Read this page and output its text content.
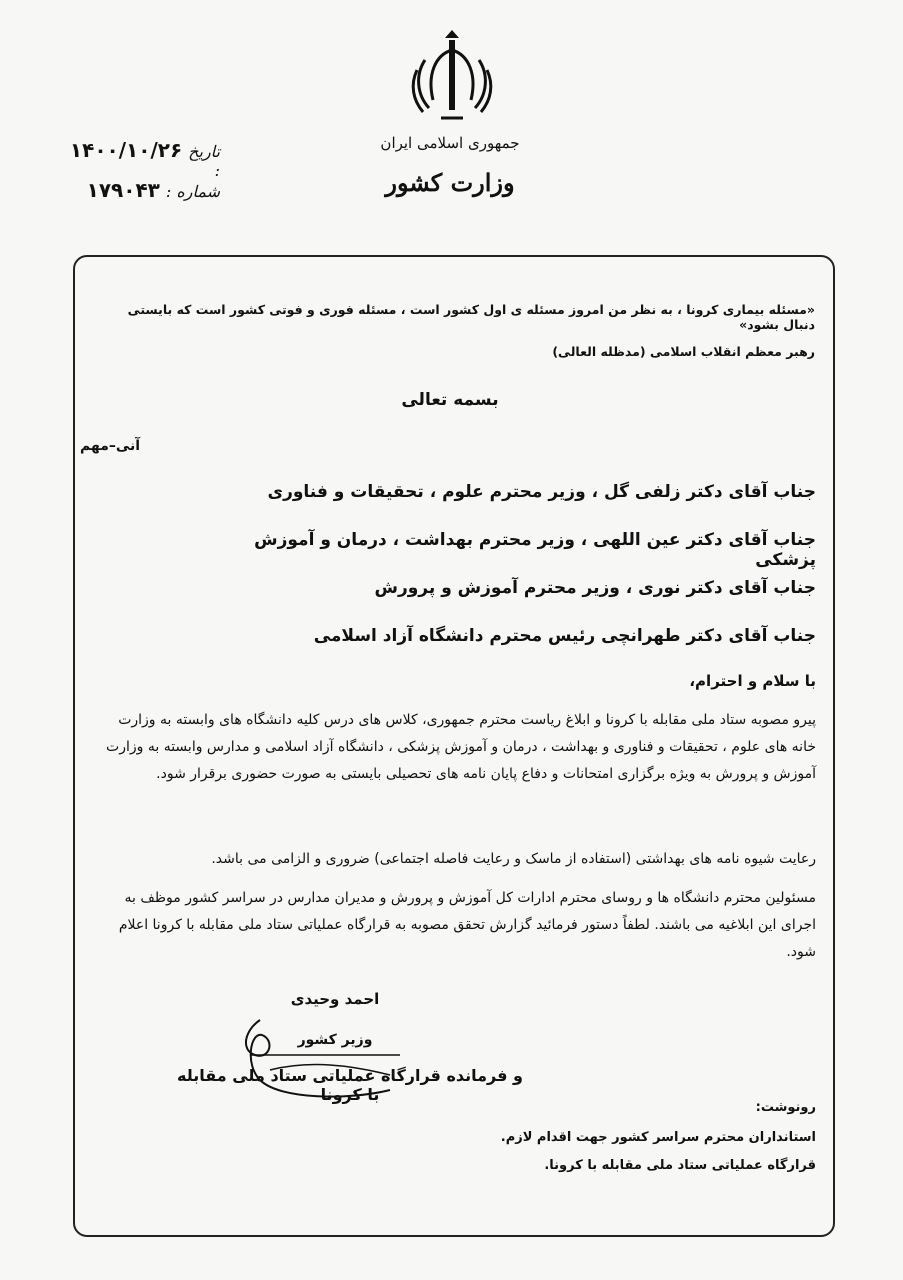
جمهوری اسلامی ایران
وزارت کشور
تاریخ :
۱۴۰۰/۱۰/۲۶
شماره :
۱۷۹۰۴۳
«مسئله بیماری کرونا ، به نظر من امروز مسئله ی اول کشور است ، مسئله فوری و فوتی کشور است که بایستی دنبال بشود»
رهبر معظم انقلاب اسلامی (مدظله العالی)
بسمه تعالی
آنی–مهم
جناب آقای دکتر زلفی گل ، وزیر محترم علوم ، تحقیقات و فناوری
جناب آقای دکتر عین اللهی ، وزیر محترم بهداشت ، درمان و آموزش پزشکی
جناب آقای دکتر نوری ، وزیر محترم آموزش و پرورش
جناب آقای دکتر طهرانچی رئیس محترم دانشگاه آزاد اسلامی
با سلام و احترام،
پیرو مصوبه ستاد ملی مقابله با کرونا و ابلاغ ریاست محترم جمهوری، کلاس های درس کلیه دانشگاه های وابسته به وزارت خانه های علوم ، تحقیقات و فناوری و بهداشت ، درمان و آموزش پزشکی ، دانشگاه آزاد اسلامی و مدارس وابسته به وزارت آموزش و پرورش به ویژه برگزاری امتحانات و دفاع پایان نامه های تحصیلی بایستی به صورت حضوری برقرار شود.
رعایت شیوه نامه های بهداشتی (استفاده از ماسک و رعایت فاصله اجتماعی) ضروری و الزامی می باشد.
مسئولین محترم دانشگاه ها و روسای محترم ادارات کل آموزش و پرورش و مدیران مدارس در سراسر کشور موظف به اجرای این ابلاغیه می باشند. لطفاً دستور فرمائید گزارش تحقق مصوبه به قرارگاه عملیاتی ستاد ملی مقابله با کرونا اعلام شود.
احمد وحیدی
وزیر کشور
و فرمانده قرارگاه عملیاتی ستاد ملی مقابله با کرونا
رونوشت:
استانداران محترم سراسر کشور جهت اقدام لازم.
قرارگاه عملیاتی ستاد ملی مقابله با کرونا.
